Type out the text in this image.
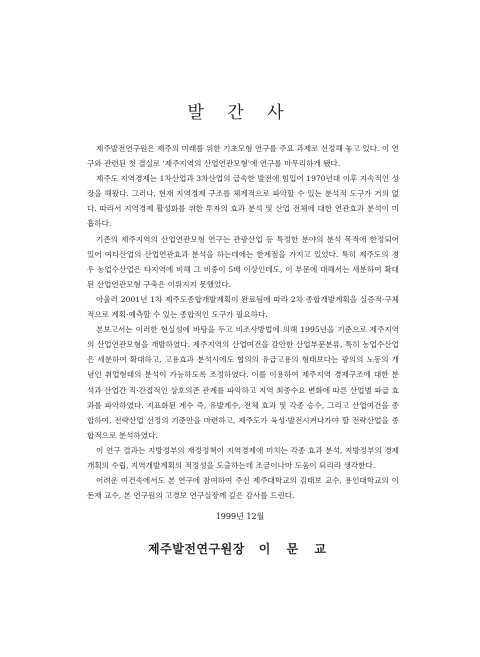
발 간 사

제주발전연구원은 제주의 미래를 위한 기초모형 연구를 주요 과제로 선정해 놓고 있다. 이 연구와 관련된 첫 결실로 '제주지역의 산업연관모형'에 연구를 마무리하게 됐다.

제주도 지역경제는 1차산업과 3차산업의 급속한 발전에 힘입어 1970년대 이후 지속적인 성장을 해왔다. 그러나, 현재 지역경제 구조를 체계적으로 파악할 수 있는 분석적 도구가 거의 없다. 따라서 지역경제 활성화를 위한 투자의 효과 분석 및 산업 전체에 대한 연관효과 분석이 미흡하다.

기존의 제주지역의 산업연관모형 연구는 관광산업 등 특정한 분야의 분석 목적에 한정되어 있어 여타산업의 산업연관효과 분석을 하는데에는 한계점을 가지고 있었다. 특히 제주도의 경우 농업수산업은 타지역에 비해 그 비중이 5배 이상인데도, 이 부문에 대해서는 세분하여 확대된 산업연관모형 구축은 이뤄지지 못했었다.

아울러 2001년 1차 제주도종합개발계획이 완료됨에 따라 2차 종합개발계획을 실증적·구체적으로 계획·예측할 수 있는 종합적인 도구가 필요하다.

본보고서는 이러한 현실성에 바탕을 두고 비조사방법에 의해 1995년을 기준으로 제주지역의 산업연관모형을 개발하였다. 제주지역의 산업여건을 감안한 산업부문분류, 특히 농업수산업은 세분하여 확대하고, 고용효과 분석시에도 협의의 유급고용의 형태보다는 광의의 노동의 개념인 취업형태의 분석이 가능하도록 조정하였다. 이를 이용하여 제주지역 경제구조에 대한 분석과 산업간 직·간접적인 상호의존 관계를 파악하고 지역 최종수요 변화에 따른 산업별 파급 효과를 파악하였다. 지표화된 계수 즉, 유발계수, 전체 효과 및 각종 승수, 그리고 산업여건을 종합하여, 전략산업 선정의 기준안을 마련하고, 제주도가 육성·발전시켜나가야 할 전략산업을 종합적으로 분석하였다.

이 연구 결과는 지방정부의 재정정책이 지역경제에 미치는 각종 효과 분석, 지방정부의 경제개획의 수립, 지역개발계획의 적정성을 도출하는데 조금이나마 도움이 되리라 생각한다.

어려운 여건속에서도 본 연구에 참여하여 주신 제주대학교의 김태보 교수, 용인대학교의 이돈재 교수, 본 연구원의 고경보 연구실장께 깊은 감사를 드린다.

1999년 12월
제주발전연구원장 이 문 교
